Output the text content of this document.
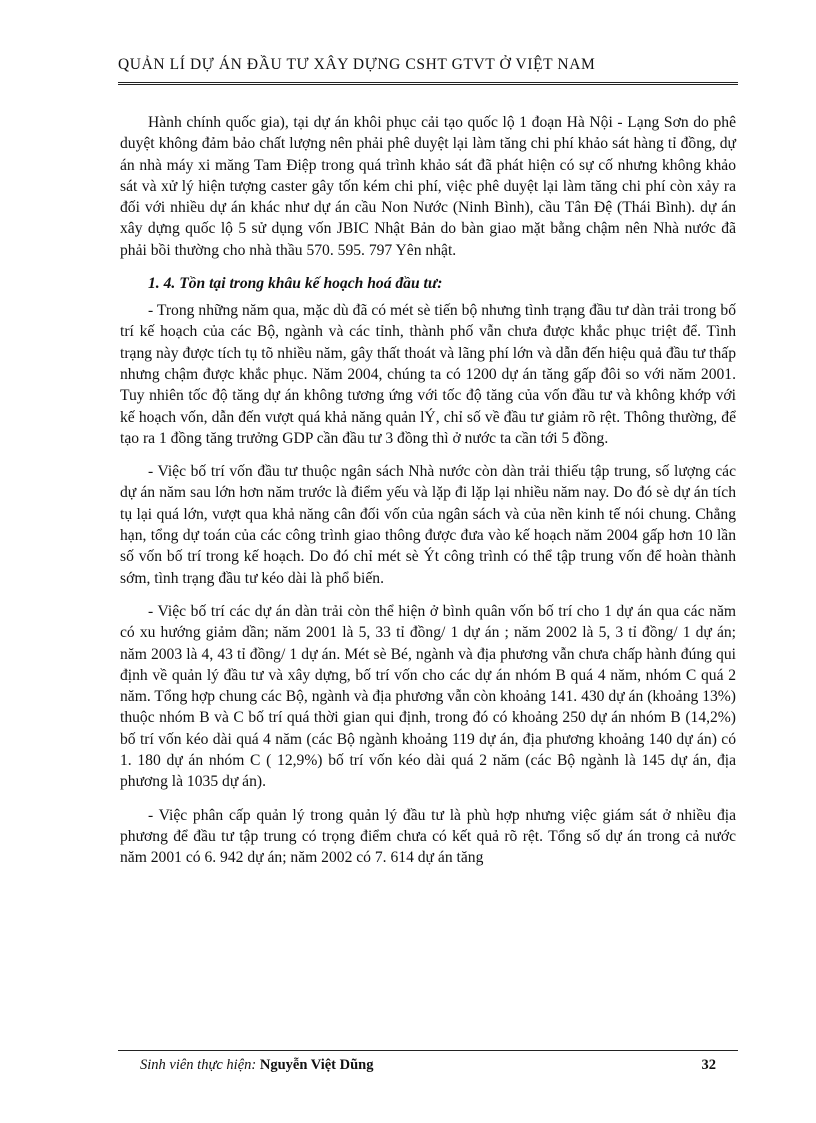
QUẢN LÍ DỰ ÁN ĐẦU TƯ XÂY DỰNG CSHT GTVT Ở VIỆT NAM

Hành chính quốc gia), tại dự án khôi phục cải tạo quốc lộ 1 đoạn Hà Nội - Lạng Sơn do phê duyệt không đảm bảo chất lượng nên phải phê duyệt lại làm tăng chi phí khảo sát hàng tỉ đồng, dự án nhà máy xi măng Tam Điệp trong quá trình khảo sát đã phát hiện có sự cố nhưng không khảo sát và xử lý hiện tượng caster gây tốn kém chi phí, việc phê duyệt lại làm tăng chi phí còn xảy ra đối với nhiều dự án khác như dự án cầu Non Nước (Ninh Bình), cầu Tân Đệ (Thái Bình). dự án xây dựng quốc lộ 5 sử dụng vốn JBIC Nhật Bản do bàn giao mặt bằng chậm nên Nhà nước đã phải bồi thường cho nhà thầu 570. 595. 797 Yên nhật.

1. 4. Tồn tại trong khâu kế hoạch hoá đầu tư:

- Trong những năm qua, mặc dù đã có mét sè tiến bộ nhưng tình trạng đầu tư dàn trải trong bố trí kế hoạch của các Bộ, ngành và các tỉnh, thành phố vẫn chưa được khắc phục triệt để. Tình trạng này được tích tụ tõ nhiều năm, gây thất thoát và lãng phí lớn và dẫn đến hiệu quả đầu tư thấp nhưng chậm được khắc phục. Năm 2004, chúng ta có 1200 dự án tăng gấp đôi so với năm 2001. Tuy nhiên tốc độ tăng dự án không tương ứng với tốc độ tăng của vốn đầu tư và không khớp với kế hoạch vốn, dẫn đến vượt quá khả năng quản lÝ, chỉ số về đầu tư giảm rõ rệt. Thông thường, để tạo ra 1 đồng tăng trưởng GDP cần đầu tư 3 đồng thì ở nước ta cần tới 5 đồng.

- Việc bố trí vốn đầu tư thuộc ngân sách Nhà nước còn dàn trải thiếu tập trung, số lượng các dự án năm sau lớn hơn năm trước là điểm yếu và lặp đi lặp lại nhiều năm nay. Do đó sè dự án tích tụ lại quá lớn, vượt qua khả năng cân đối vốn của ngân sách và của nền kinh tế nói chung. Chẳng hạn, tổng dự toán của các công trình giao thông được đưa vào kế hoạch năm 2004 gấp hơn 10 lần số vốn bố trí trong kế hoạch. Do đó chỉ mét sè Ýt công trình có thể tập trung vốn để hoàn thành sớm, tình trạng đầu tư kéo dài là phổ biến.

- Việc bố trí các dự án dàn trải còn thể hiện ở bình quân vốn bố trí cho 1 dự án qua các năm có xu hướng giảm dần; năm 2001 là 5, 33 tỉ đồng/ 1 dự án ; năm 2002 là 5, 3 tỉ đồng/ 1 dự án; năm 2003 là 4, 43 tỉ đồng/ 1 dự án. Mét sè Bé, ngành và địa phương vẫn chưa chấp hành đúng qui định về quản lý đầu tư và xây dựng, bố trí vốn cho các dự án nhóm B quá 4 năm, nhóm C quá 2 năm. Tổng hợp chung các Bộ, ngành và địa phương vẫn còn khoảng 141. 430 dự án (khoảng 13%) thuộc nhóm B và C bố trí quá thời gian qui định, trong đó có khoảng 250 dự án nhóm B (14,2%) bố trí vốn kéo dài quá 4 năm (các Bộ ngành khoảng 119 dự án, địa phương khoảng 140 dự án) có 1. 180 dự án nhóm C ( 12,9%) bố trí vốn kéo dài quá 2 năm (các Bộ ngành là 145 dự án, địa phương là 1035 dự án).

- Việc phân cấp quản lý trong quản lý đầu tư là phù hợp nhưng việc giám sát ở nhiều địa phương để đầu tư tập trung có trọng điểm chưa có kết quả rõ rệt. Tổng số dự án trong cả nước năm 2001 có 6. 942 dự án; năm 2002 có 7. 614 dự án tăng

Sinh viên thực hiện: Nguyễn Việt Dũng	32
